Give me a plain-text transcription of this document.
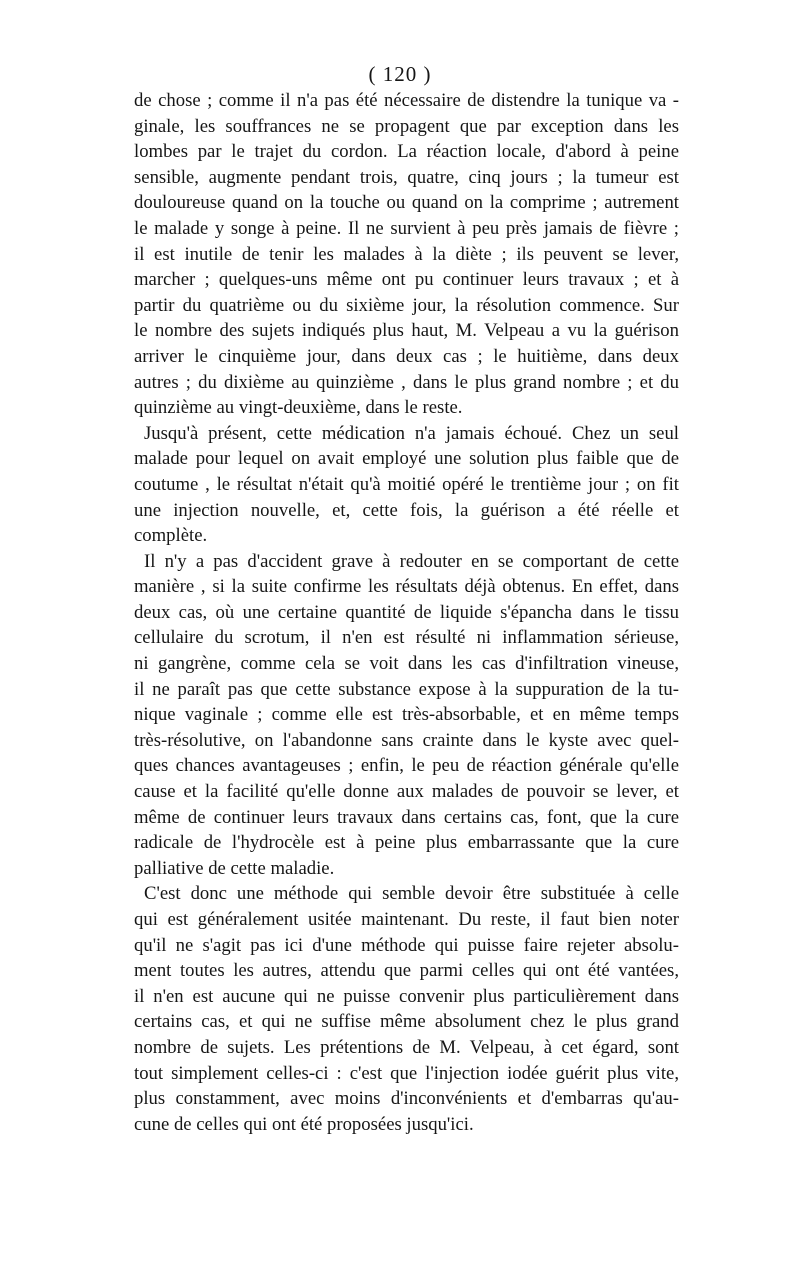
( 120 )

de chose ; comme il n'a pas été nécessaire de distendre la tunique va -
ginale, les souffrances ne se propagent que par exception dans les
lombes par le trajet du cordon. La réaction locale, d'abord à peine
sensible, augmente pendant trois, quatre, cinq jours ; la tumeur est
douloureuse quand on la touche ou quand on la comprime ; autrement
le malade y songe à peine. Il ne survient à peu près jamais de fièvre ;
il est inutile de tenir les malades à la diète ; ils peuvent se lever,
marcher ; quelques-uns même ont pu continuer leurs travaux ; et à
partir du quatrième ou du sixième jour, la résolution commence. Sur
le nombre des sujets indiqués plus haut, M. Velpeau a vu la guérison
arriver le cinquième jour, dans deux cas ; le huitième, dans deux
autres ; du dixième au quinzième , dans le plus grand nombre ; et du
quinzième au vingt-deuxième, dans le reste.

Jusqu'à présent, cette médication n'a jamais échoué. Chez un seul
malade pour lequel on avait employé une solution plus faible que de
coutume , le résultat n'était qu'à moitié opéré le trentième jour ; on fit
une injection nouvelle, et, cette fois, la guérison a été réelle et
complète.

Il n'y a pas d'accident grave à redouter en se comportant de cette
manière , si la suite confirme les résultats déjà obtenus. En effet, dans
deux cas, où une certaine quantité de liquide s'épancha dans le tissu
cellulaire du scrotum, il n'en est résulté ni inflammation sérieuse,
ni gangrène, comme cela se voit dans les cas d'infiltration vineuse,
il ne paraît pas que cette substance expose à la suppuration de la tu-
nique vaginale ; comme elle est très-absorbable, et en même temps
très-résolutive, on l'abandonne sans crainte dans le kyste avec quel-
ques chances avantageuses ; enfin, le peu de réaction générale qu'elle
cause et la facilité qu'elle donne aux malades de pouvoir se lever, et
même de continuer leurs travaux dans certains cas, font, que la cure
radicale de l'hydrocèle est à peine plus embarrassante que la cure
palliative de cette maladie.

C'est donc une méthode qui semble devoir être substituée à celle
qui est généralement usitée maintenant. Du reste, il faut bien noter
qu'il ne s'agit pas ici d'une méthode qui puisse faire rejeter absolu-
ment toutes les autres, attendu que parmi celles qui ont été vantées,
il n'en est aucune qui ne puisse convenir plus particulièrement dans
certains cas, et qui ne suffise même absolument chez le plus grand
nombre de sujets. Les prétentions de M. Velpeau, à cet égard, sont
tout simplement celles-ci : c'est que l'injection iodée guérit plus vite,
plus constamment, avec moins d'inconvénients et d'embarras qu'au-
cune de celles qui ont été proposées jusqu'ici.
